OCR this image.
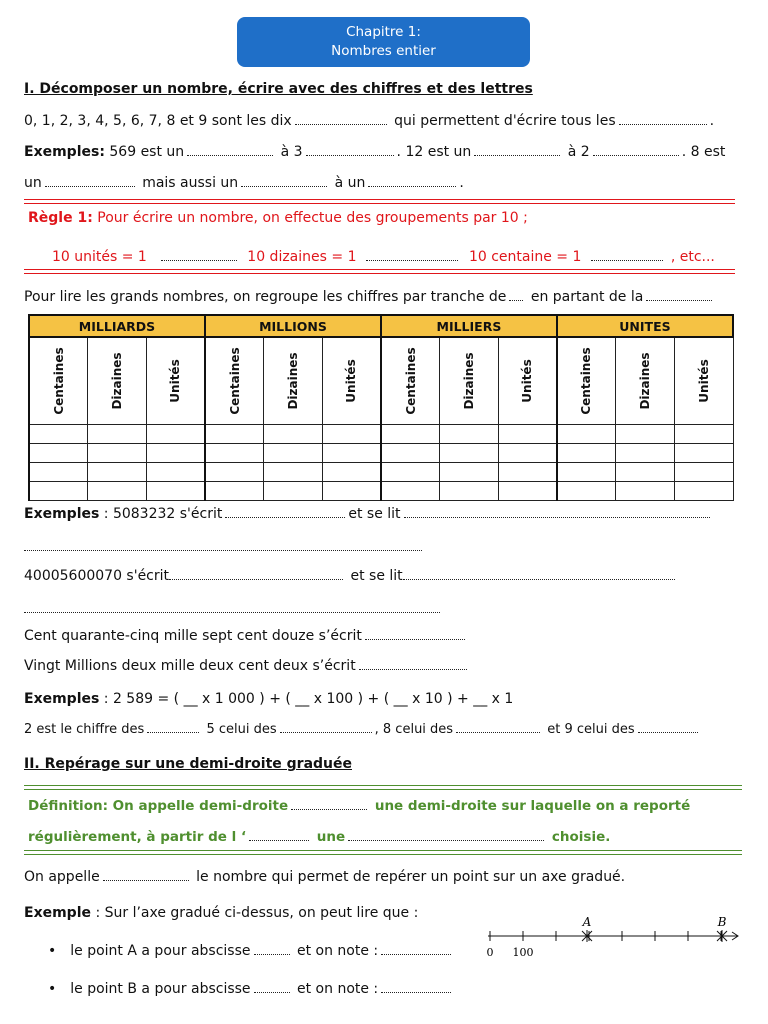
Chapitre 1:
Nombres entier
I. Décomposer un nombre, écrire avec des chiffres et des lettres
0, 1, 2, 3, 4, 5, 6, 7, 8 et 9 sont les dix	qui permettent d'écrire tous les	.
Exemples: 569 est un	à 3	. 12 est un	à 2	. 8 est
un	mais aussi un	à un	.
Règle 1: Pour écrire un nombre, on effectue des groupements par 10 ;
10 unités = 1	10 dizaines = 1	10 centaine = 1	, etc...
Pour lire les grands nombres, on regroupe les chiffres par tranche de en partant de la
MILLIARDS			MILLIONS			MILLIERS			UNITES		

Centaines	Dizaines	Unités	Centaines	Dizaines	Unités	Centaines	Dizaines	Unités	Centaines	Dizaines	Unités

Exemples : 5083232 s'écrit	et se lit
40005600070 s'écrit	et se lit
Cent quarante-cinq mille sept cent douze s’écrit
Vingt Millions deux mille deux cent deux s’écrit
Exemples : 2 589 = ( __ x 1 000 ) + ( __ x 100 ) + ( __ x 10 ) + __ x 1
2 est le chiffre des	5 celui des	, 8 celui des	et 9 celui des
II. Repérage sur une demi-droite graduée
Définition: On appelle demi-droite	une demi-droite sur laquelle on a reporté
régulièrement, à partir de l ‘	une	choisie.
On appelle	le nombre qui permet de repérer un point sur un axe gradué.
Exemple : Sur l’axe gradué ci-dessus, on peut lire que :
• le point A a pour abscisse	et on note :
• le point B a pour abscisse	et on note :
A	B
0 100
